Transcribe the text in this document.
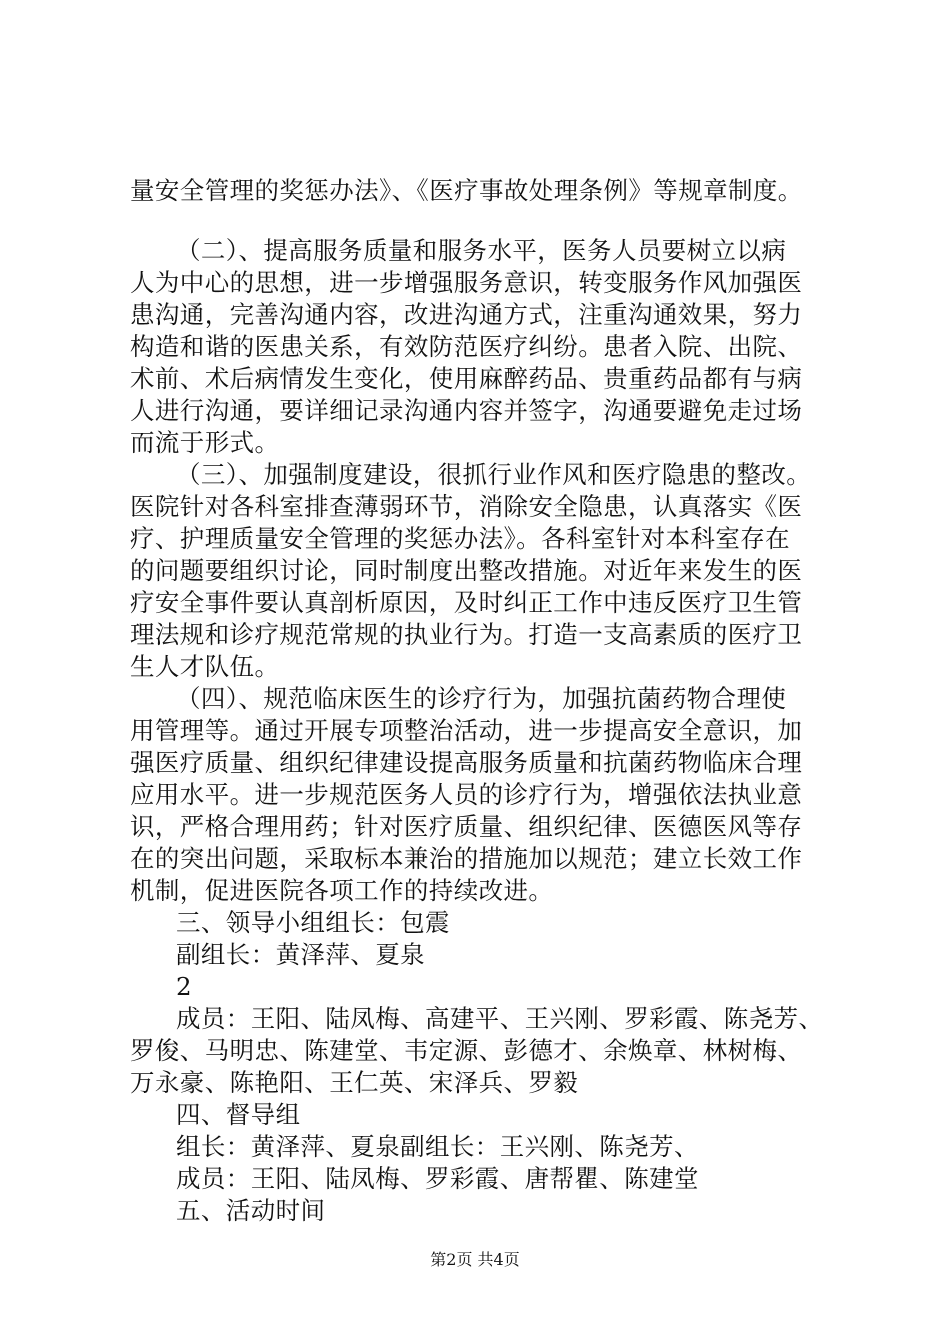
量安全管理的奖惩办法》、《医疗事故处理条例》等规章制度。
（二）、提高服务质量和服务水平，医务人员要树立以病
人为中心的思想，进一步增强服务意识，转变服务作风加强医
患沟通，完善沟通内容，改进沟通方式，注重沟通效果，努力
构造和谐的医患关系，有效防范医疗纠纷。患者入院、出院、
术前、术后病情发生变化，使用麻醉药品、贵重药品都有与病
人进行沟通，要详细记录沟通内容并签字，沟通要避免走过场
而流于形式。
（三）、加强制度建设，很抓行业作风和医疗隐患的整改。
医院针对各科室排查薄弱环节，消除安全隐患，认真落实《医
疗、护理质量安全管理的奖惩办法》。各科室针对本科室存在
的问题要组织讨论，同时制度出整改措施。对近年来发生的医
疗安全事件要认真剖析原因，及时纠正工作中违反医疗卫生管
理法规和诊疗规范常规的执业行为。打造一支高素质的医疗卫
生人才队伍。
（四）、规范临床医生的诊疗行为，加强抗菌药物合理使
用管理等。通过开展专项整治活动，进一步提高安全意识，加
强医疗质量、组织纪律建设提高服务质量和抗菌药物临床合理
应用水平。进一步规范医务人员的诊疗行为，增强依法执业意
识，严格合理用药；针对医疗质量、组织纪律、医德医风等存
在的突出问题，采取标本兼治的措施加以规范；建立长效工作
机制，促进医院各项工作的持续改进。
三、领导小组组长：包震
副组长：黄泽萍、夏泉
2
成员：王阳、陆凤梅、高建平、王兴刚、罗彩霞、陈尧芳、
罗俊、马明忠、陈建堂、韦定源、彭德才、余焕章、林树梅、
万永豪、陈艳阳、王仁英、宋泽兵、罗毅
四、督导组
组长：黄泽萍、夏泉副组长：王兴刚、陈尧芳、
成员：王阳、陆凤梅、罗彩霞、唐帮瞿、陈建堂
五、活动时间
第2页 共4页
